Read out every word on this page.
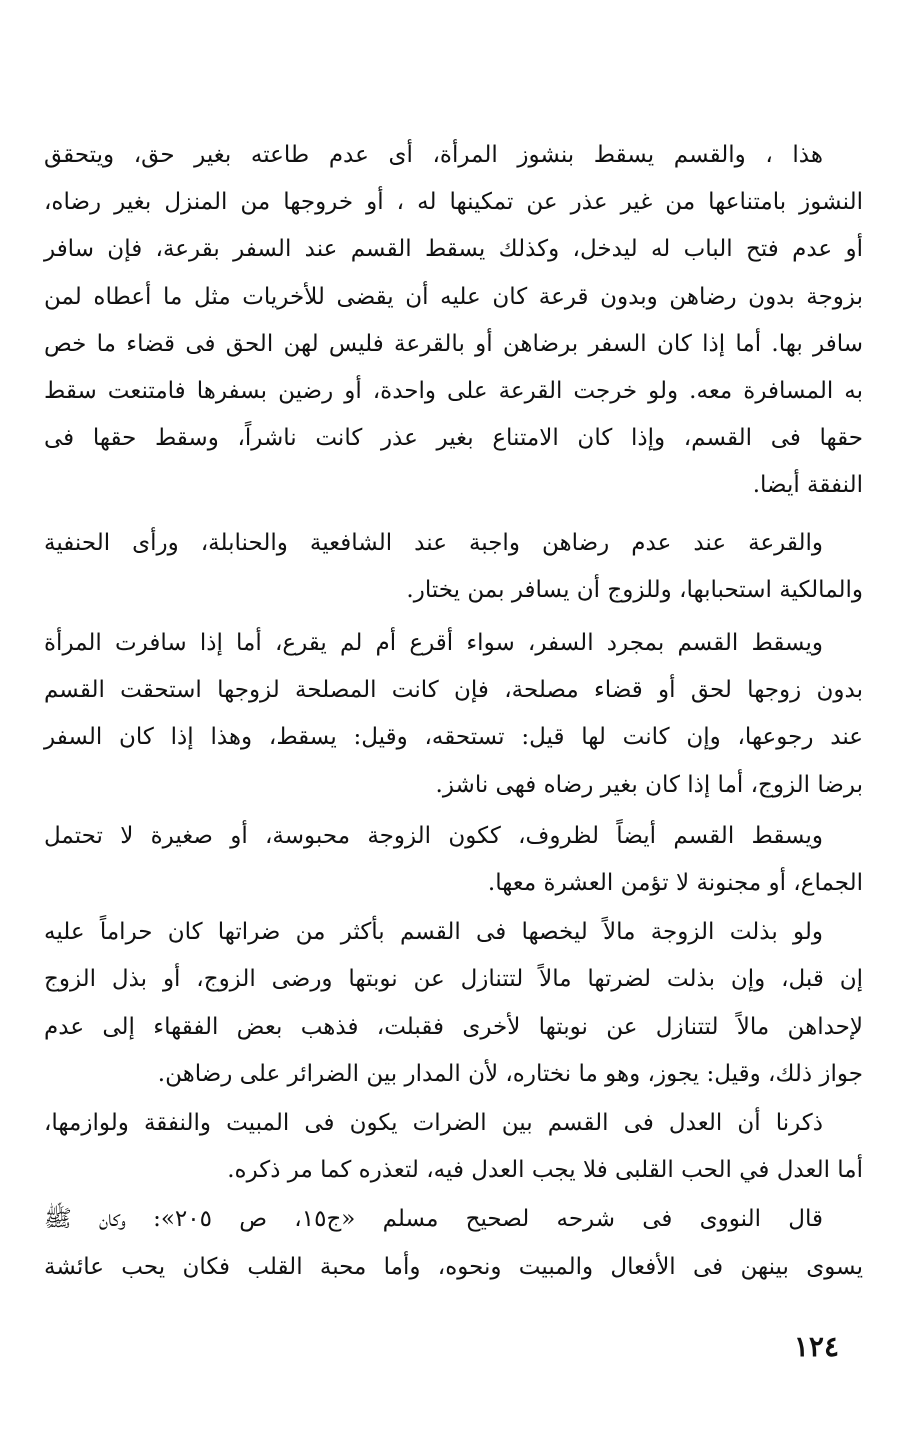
هذا ، والقسم يسقط بنشوز المرأة، أى عدم طاعته بغير حق، ويتحقق
النشوز بامتناعها من غير عذر عن تمكينها له ، أو خروجها من المنزل بغير رضاه،
أو عدم فتح الباب له ليدخل، وكذلك يسقط القسم عند السفر بقرعة، فإن سافر
بزوجة بدون رضاهن وبدون قرعة كان عليه أن يقضى للأخريات مثل ما أعطاه لمن
سافر بها. أما إذا كان السفر برضاهن أو بالقرعة فليس لهن الحق فى قضاء ما خص
به المسافرة معه. ولو خرجت القرعة على واحدة، أو رضين بسفرها فامتنعت سقط
حقها فى القسم، وإذا كان الامتناع بغير عذر كانت ناشراً، وسقط حقها فى
النفقة أيضا.

والقرعة عند عدم رضاهن واجبة عند الشافعية والحنابلة، ورأى الحنفية
والمالكية استحبابها، وللزوج أن يسافر بمن يختار.

ويسقط القسم بمجرد السفر، سواء أقرع أم لم يقرع، أما إذا سافرت المرأة
بدون زوجها لحق أو قضاء مصلحة، فإن كانت المصلحة لزوجها استحقت القسم
عند رجوعها، وإن كانت لها قيل: تستحقه، وقيل: يسقط، وهذا إذا كان السفر
برضا الزوج، أما إذا كان بغير رضاه فهى ناشز.

ويسقط القسم أيضاً لظروف، ككون الزوجة محبوسة، أو صغيرة لا تحتمل
الجماع، أو مجنونة لا تؤمن العشرة معها.

ولو بذلت الزوجة مالاً ليخصها فى القسم بأكثر من ضراتها كان حراماً عليه
إن قبل، وإن بذلت لضرتها مالاً لتتنازل عن نوبتها ورضى الزوج، أو بذل الزوج
لإحداهن مالاً لتتنازل عن نوبتها لأخرى فقبلت، فذهب بعض الفقهاء إلى عدم
جواز ذلك، وقيل: يجوز، وهو ما نختاره، لأن المدار بين الضرائر على رضاهن.

ذكرنا أن العدل فى القسم بين الضرات يكون فى المبيت والنفقة ولوازمها،
أما العدل في الحب القلبى فلا يجب العدل فيه، لتعذره كما مر ذكره.

قال النووى فى شرحه لصحيح مسلم «ج١٥، ص ٢٠٥»: وكان ﷺ
يسوى بينهن فى الأفعال والمبيت ونحوه، وأما محبة القلب فكان يحب عائشة

١٢٤
